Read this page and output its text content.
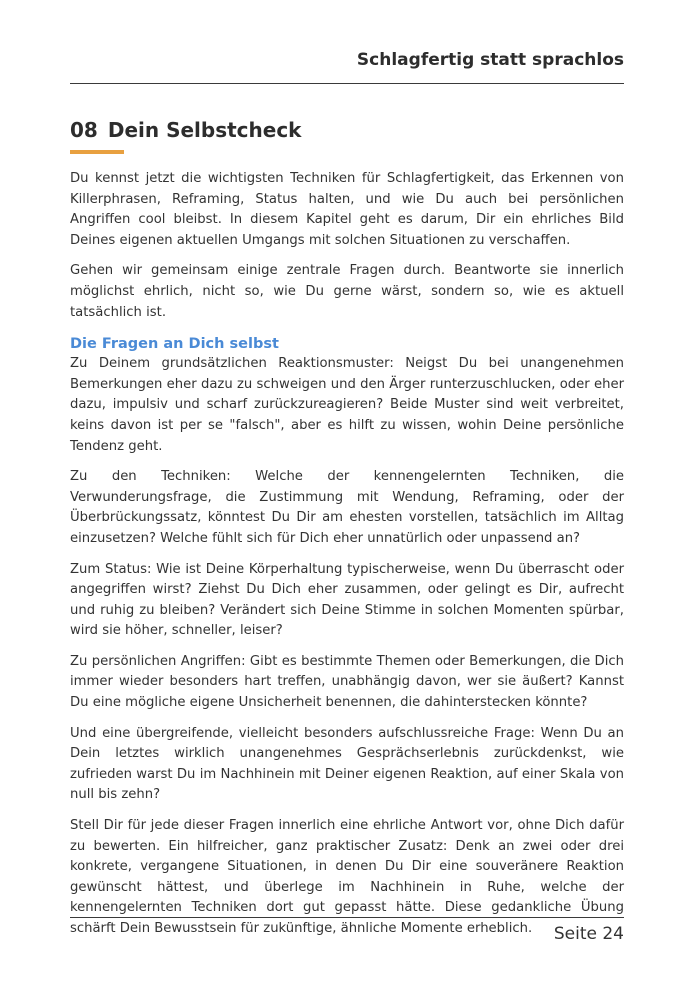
Schlagfertig statt sprachlos

08 Dein Selbstcheck

Du kennst jetzt die wichtigsten Techniken für Schlagfertigkeit, das Erkennen von Killerphrasen, Reframing, Status halten, und wie Du auch bei persönlichen Angriffen cool bleibst. In diesem Kapitel geht es darum, Dir ein ehrliches Bild Deines eigenen aktuellen Umgangs mit solchen Situationen zu verschaffen.

Gehen wir gemeinsam einige zentrale Fragen durch. Beantworte sie innerlich möglichst ehrlich, nicht so, wie Du gerne wärst, sondern so, wie es aktuell tatsächlich ist.

Die Fragen an Dich selbst

Zu Deinem grundsätzlichen Reaktionsmuster: Neigst Du bei unangenehmen Bemerkungen eher dazu zu schweigen und den Ärger runterzuschlucken, oder eher dazu, impulsiv und scharf zurückzureagieren? Beide Muster sind weit verbreitet, keins davon ist per se "falsch", aber es hilft zu wissen, wohin Deine persönliche Tendenz geht.

Zu den Techniken: Welche der kennengelernten Techniken, die Verwunderungsfrage, die Zustimmung mit Wendung, Reframing, oder der Überbrückungssatz, könntest Du Dir am ehesten vorstellen, tatsächlich im Alltag einzusetzen? Welche fühlt sich für Dich eher unnatürlich oder unpassend an?

Zum Status: Wie ist Deine Körperhaltung typischerweise, wenn Du überrascht oder angegriffen wirst? Ziehst Du Dich eher zusammen, oder gelingt es Dir, aufrecht und ruhig zu bleiben? Verändert sich Deine Stimme in solchen Momenten spürbar, wird sie höher, schneller, leiser?

Zu persönlichen Angriffen: Gibt es bestimmte Themen oder Bemerkungen, die Dich immer wieder besonders hart treffen, unabhängig davon, wer sie äußert? Kannst Du eine mögliche eigene Unsicherheit benennen, die dahinterstecken könnte?

Und eine übergreifende, vielleicht besonders aufschlussreiche Frage: Wenn Du an Dein letztes wirklich unangenehmes Gesprächserlebnis zurückdenkst, wie zufrieden warst Du im Nachhinein mit Deiner eigenen Reaktion, auf einer Skala von null bis zehn?

Stell Dir für jede dieser Fragen innerlich eine ehrliche Antwort vor, ohne Dich dafür zu bewerten. Ein hilfreicher, ganz praktischer Zusatz: Denk an zwei oder drei konkrete, vergangene Situationen, in denen Du Dir eine souveränere Reaktion gewünscht hättest, und überlege im Nachhinein in Ruhe, welche der kennengelernten Techniken dort gut gepasst hätte. Diese gedankliche Übung schärft Dein Bewusstsein für zukünftige, ähnliche Momente erheblich.	Seite 24
